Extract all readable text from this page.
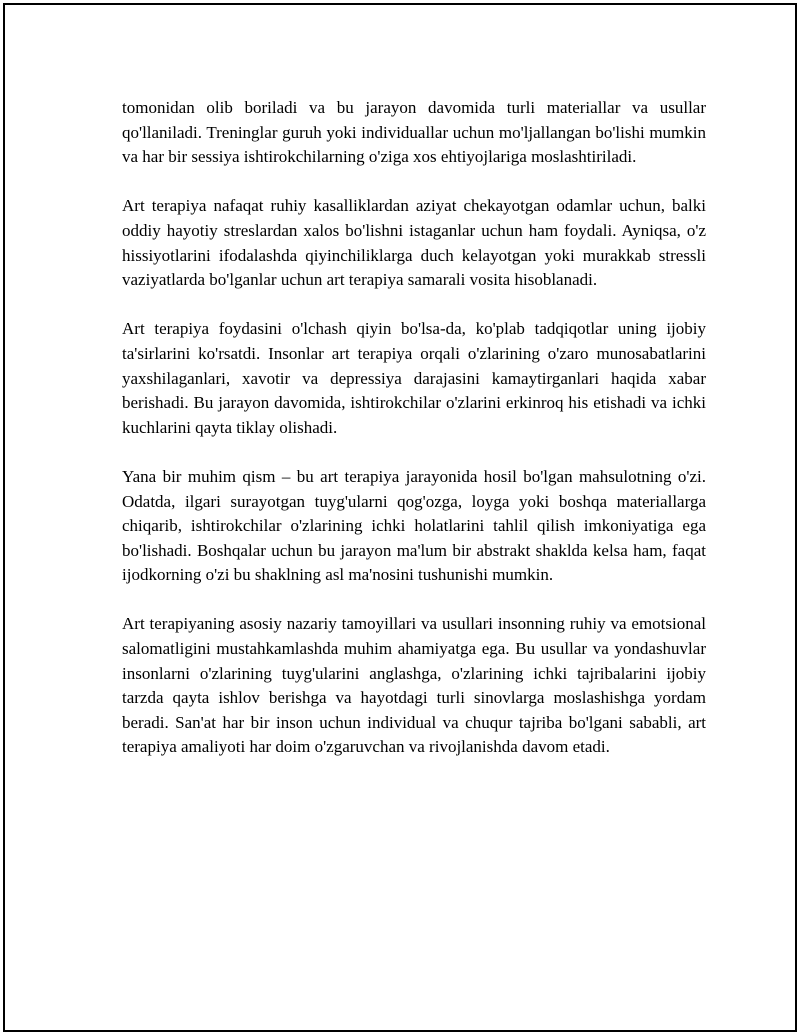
tomonidan olib boriladi va bu jarayon davomida turli materiallar va usullar qo'llaniladi. Treninglar guruh yoki individuallar uchun mo'ljallangan bo'lishi mumkin va har bir sessiya ishtirokchilarning o'ziga xos ehtiyojlariga moslashtiriladi.

Art terapiya nafaqat ruhiy kasalliklardan aziyat chekayotgan odamlar uchun, balki oddiy hayotiy streslardan xalos bo'lishni istaganlar uchun ham foydali. Ayniqsa, o'z hissiyotlarini ifodalashda qiyinchiliklarga duch kelayotgan yoki murakkab stressli vaziyatlarda bo'lganlar uchun art terapiya samarali vosita hisoblanadi.

Art terapiya foydasini o'lchash qiyin bo'lsa-da, ko'plab tadqiqotlar uning ijobiy ta'sirlarini ko'rsatdi. Insonlar art terapiya orqali o'zlarining o'zaro munosabatlarini yaxshilaganlari, xavotir va depressiya darajasini kamaytirganlari haqida xabar berishadi. Bu jarayon davomida, ishtirokchilar o'zlarini erkinroq his etishadi va ichki kuchlarini qayta tiklay olishadi.

Yana bir muhim qism – bu art terapiya jarayonida hosil bo'lgan mahsulotning o'zi. Odatda, ilgari surayotgan tuyg'ularni qog'ozga, loyga yoki boshqa materiallarga chiqarib, ishtirokchilar o'zlarining ichki holatlarini tahlil qilish imkoniyatiga ega bo'lishadi. Boshqalar uchun bu jarayon ma'lum bir abstrakt shaklda kelsa ham, faqat ijodkorning o'zi bu shaklning asl ma'nosini tushunishi mumkin.

Art terapiyaning asosiy nazariy tamoyillari va usullari insonning ruhiy va emotsional salomatligini mustahkamlashda muhim ahamiyatga ega. Bu usullar va yondashuvlar insonlarni o'zlarining tuyg'ularini anglashga, o'zlarining ichki tajribalarini ijobiy tarzda qayta ishlov berishga va hayotdagi turli sinovlarga moslashishga yordam beradi. San'at har bir inson uchun individual va chuqur tajriba bo'lgani sababli, art terapiya amaliyoti har doim o'zgaruvchan va rivojlanishda davom etadi.
